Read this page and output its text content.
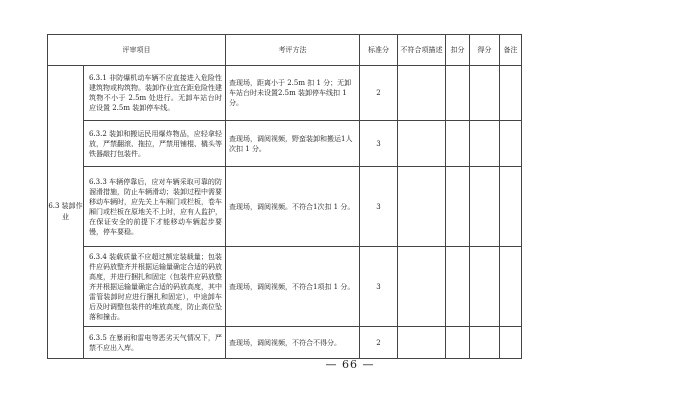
评审项目		考评方法	标准分	不符合项描述	扣分	得分	备注
6.3 装卸作业	6.3.1 非防爆机动车辆不应直接进入危险性建筑物或构筑物。装卸作业宜在距危险性建筑物不小于 2.5m 处进行。无卸车站台时应设置 2.5m 装卸停车线。	查现场，距离小于 2.5m 扣 1 分；无卸车站台时未设置2.5m 装卸停车线扣 1 分。	2				
	6.3.2 装卸和搬运民用爆炸物品，应轻拿轻放，严禁翻滚、拖拉，严禁用铺棍、橇头等铁器敲打包装件。	查现场，调阅视频，野蛮装卸和搬运1人次扣 1 分。	3				
	6.3.3 车辆停靠后，应对车辆采取可靠的防溜滑措施，防止车辆滑动；装卸过程中需要移动车辆时，应先关上车厢门或栏板，卷车厢门或栏板在原地关不上时，应有人监护，在保证安全的前提下才能移动车辆起步要慢，停车要稳。	查现场，调阅视频。不符合1次扣 1 分。	3				
	6.3.4 装载质量不应超过额定装载量；包装件应码放整齐并根据运输量确定合适的码放高度，并进行捆扎和固定（包装件应码放整齐并根据运输量确定合适的码放高度，其中雷管装卸时应进行捆扎和固定），中途卸车后及时调整包装件的堆放高度，防止高位坠落和撞击。	查现场，调阅视频，不符合1项扣 1 分。	3				
	6.3.5 在暴雨和雷电等恶劣天气情况下，严禁不应出入库。	查现场，调阅视频，不符合不得分。	2				
— 66 —
